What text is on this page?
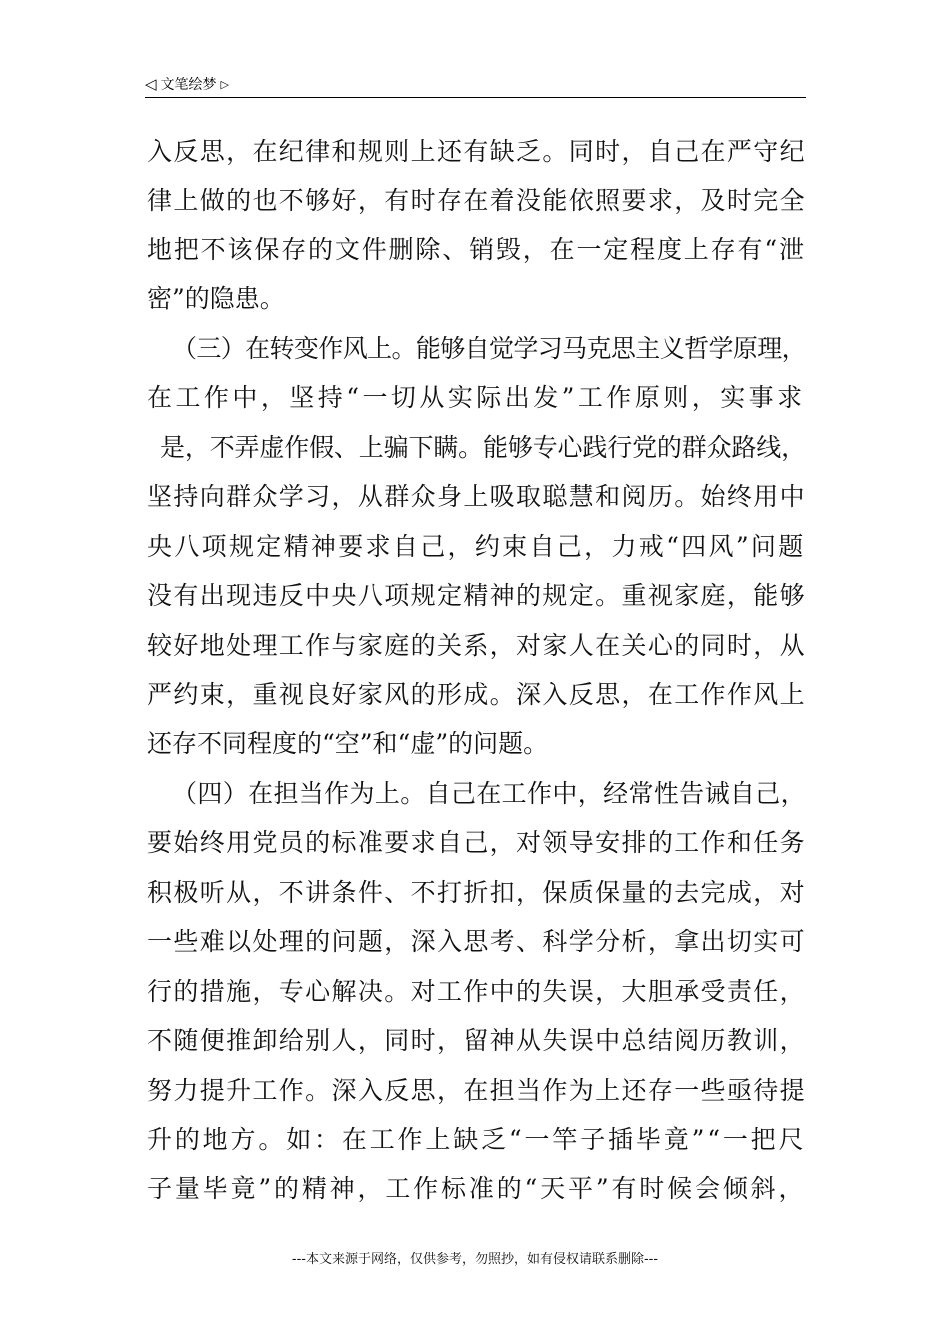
◁ 文笔绘梦 ▷
入反思，在纪律和规则上还有缺乏。同时，自己在严守纪
律上做的也不够好，有时存在着没能依照要求，及时完全
地把不该保存的文件删除、销毁，在一定程度上存有“泄
密”的隐患。
（三）在转变作风上。能够自觉学习马克思主义哲学原理，
在工作中，坚持“一切从实际出发”工作原则，实事求
是，不弄虚作假、上骗下瞒。能够专心践行党的群众路线，
坚持向群众学习，从群众身上吸取聪慧和阅历。始终用中
央八项规定精神要求自己，约束自己，力戒“四风”问题
没有出现违反中央八项规定精神的规定。重视家庭，能够
较好地处理工作与家庭的关系，对家人在关心的同时，从
严约束，重视良好家风的形成。深入反思，在工作作风上
还存不同程度的“空”和“虚”的问题。
（四）在担当作为上。自己在工作中，经常性告诫自己，
要始终用党员的标准要求自己，对领导安排的工作和任务
积极听从，不讲条件、不打折扣，保质保量的去完成，对
一些难以处理的问题，深入思考、科学分析，拿出切实可
行的措施，专心解决。对工作中的失误，大胆承受责任，
不随便推卸给别人，同时，留神从失误中总结阅历教训，
努力提升工作。深入反思，在担当作为上还存一些亟待提
升的地方。如：在工作上缺乏“一竿子插毕竟”“一把尺
子量毕竟”的精神，工作标准的“天平”有时候会倾斜，
---本文来源于网络，仅供参考，勿照抄，如有侵权请联系删除---
